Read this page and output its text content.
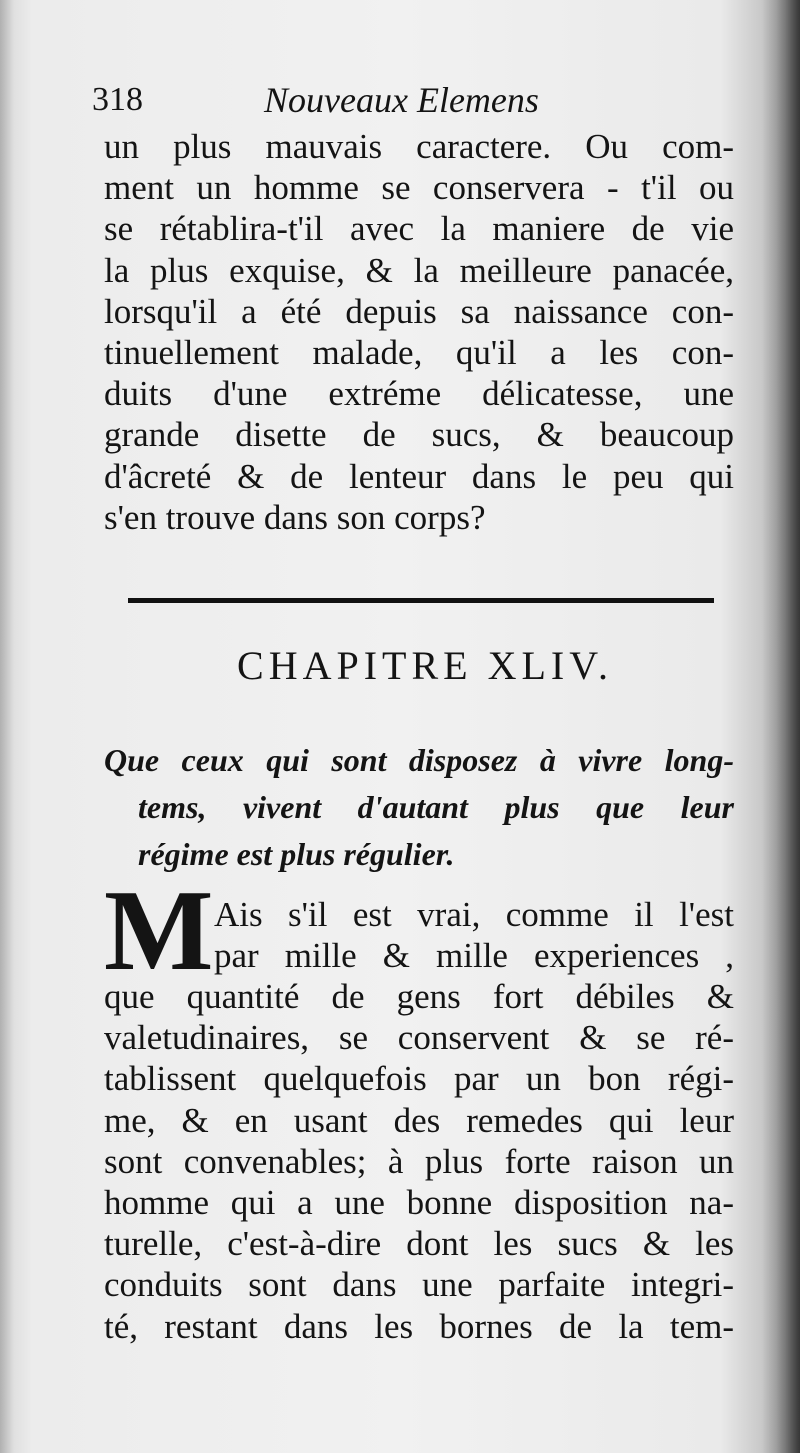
318	Nouveaux Elemens
un plus mauvais caractere. Ou com-
ment un homme se conservera - t'il ou
se rétablira-t'il avec la maniere de vie
la plus exquise, & la meilleure panacée,
lorsqu'il a été depuis sa naissance con-
tinuellement malade, qu'il a les con-
duits d'une extréme délicatesse, une
grande disette de sucs, & beaucoup
d'âcreté & de lenteur dans le peu qui
s'en trouve dans son corps?
CHAPITRE XLIV.
Que ceux qui sont disposez à vivre long-
tems, vivent d'autant plus que leur
régime est plus régulier.
M Ais s'il est vrai, comme il l'est
par mille & mille experiences ,
que quantité de gens fort débiles &
valetudinaires, se conservent & se ré-
tablissent quelquefois par un bon régi-
me, & en usant des remedes qui leur
sont convenables; à plus forte raison un
homme qui a une bonne disposition na-
turelle, c'est-à-dire dont les sucs & les
conduits sont dans une parfaite integri-
té, restant dans les bornes de la tem-
